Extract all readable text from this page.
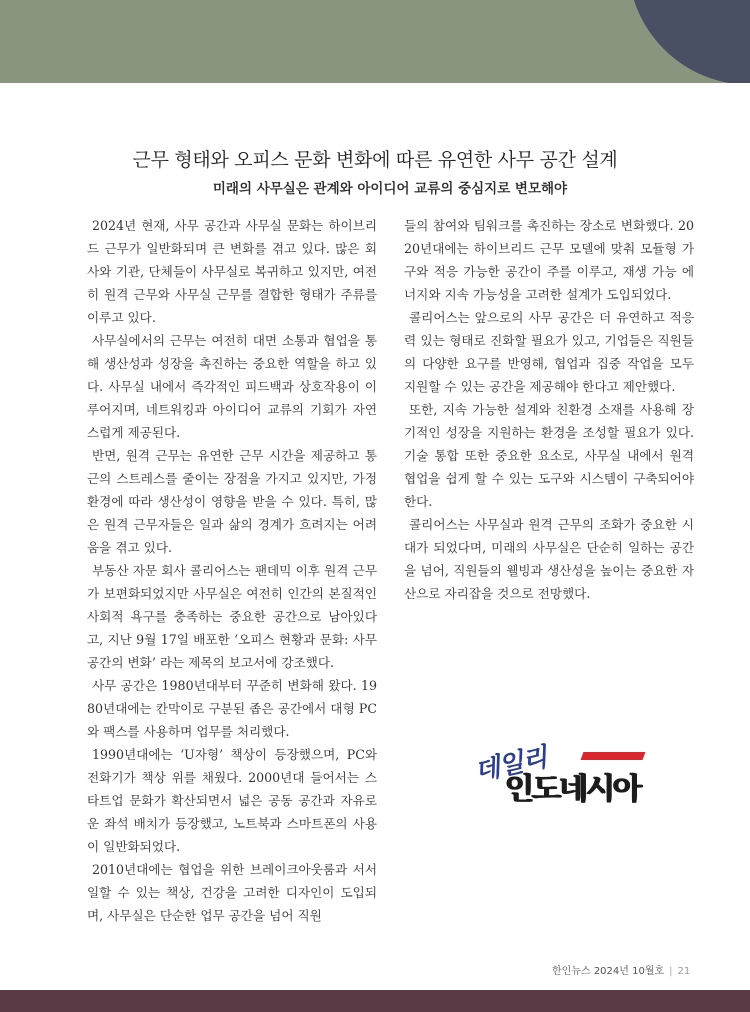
근무 형태와 오피스 문화 변화에 따른 유연한 사무 공간 설계
미래의 사무실은 관계와 아이디어 교류의 중심지로 변모해야

2024년 현재, 사무 공간과 사무실 문화는 하이브리드 근무가 일반화되며 큰 변화를 겪고 있다. 많은 회사와 기관, 단체들이 사무실로 복귀하고 있지만, 여전히 원격 근무와 사무실 근무를 결합한 형태가 주류를 이루고 있다.

사무실에서의 근무는 여전히 대면 소통과 협업을 통해 생산성과 성장을 촉진하는 중요한 역할을 하고 있다. 사무실 내에서 즉각적인 피드백과 상호작용이 이루어지며, 네트워킹과 아이디어 교류의 기회가 자연스럽게 제공된다.

반면, 원격 근무는 유연한 근무 시간을 제공하고 통근의 스트레스를 줄이는 장점을 가지고 있지만, 가정 환경에 따라 생산성이 영향을 받을 수 있다. 특히, 많은 원격 근무자들은 일과 삶의 경계가 흐려지는 어려움을 겪고 있다.

부동산 자문 회사 콜리어스는 팬데믹 이후 원격 근무가 보편화되었지만 사무실은 여전히 인간의 본질적인 사회적 욕구를 충족하는 중요한 공간으로 남아있다고, 지난 9월 17일 배포한 ‘오피스 현황과 문화: 사무공간의 변화’ 라는 제목의 보고서에 강조했다.

사무 공간은 1980년대부터 꾸준히 변화해 왔다. 1980년대에는 칸막이로 구분된 좁은 공간에서 대형 PC와 팩스를 사용하며 업무를 처리했다.

1990년대에는 ‘U자형’ 책상이 등장했으며, PC와 전화기가 책상 위를 채웠다. 2000년대 들어서는 스타트업 문화가 확산되면서 넓은 공동 공간과 자유로운 좌석 배치가 등장했고, 노트북과 스마트폰의 사용이 일반화되었다.

2010년대에는 협업을 위한 브레이크아웃룸과 서서 일할 수 있는 책상, 건강을 고려한 디자인이 도입되며, 사무실은 단순한 업무 공간을 넘어 직원

들의 참여와 팀워크를 촉진하는 장소로 변화했다. 2020년대에는 하이브리드 근무 모델에 맞춰 모듈형 가구와 적응 가능한 공간이 주를 이루고, 재생 가능 에너지와 지속 가능성을 고려한 설계가 도입되었다.

콜리어스는 앞으로의 사무 공간은 더 유연하고 적응력 있는 형태로 진화할 필요가 있고, 기업들은 직원들의 다양한 요구를 반영해, 협업과 집중 작업을 모두 지원할 수 있는 공간을 제공해야 한다고 제안했다.

또한, 지속 가능한 설계와 친환경 소재를 사용해 장기적인 성장을 지원하는 환경을 조성할 필요가 있다. 기술 통합 또한 중요한 요소로, 사무실 내에서 원격 협업을 쉽게 할 수 있는 도구와 시스템이 구축되어야 한다.

콜리어스는 사무실과 원격 근무의 조화가 중요한 시대가 되었다며, 미래의 사무실은 단순히 일하는 공간을 넘어, 직원들의 웰빙과 생산성을 높이는 중요한 자산으로 자리잡을 것으로 전망했다.

데일리
인도네시아
한인뉴스 2024년 10월호 | 21
